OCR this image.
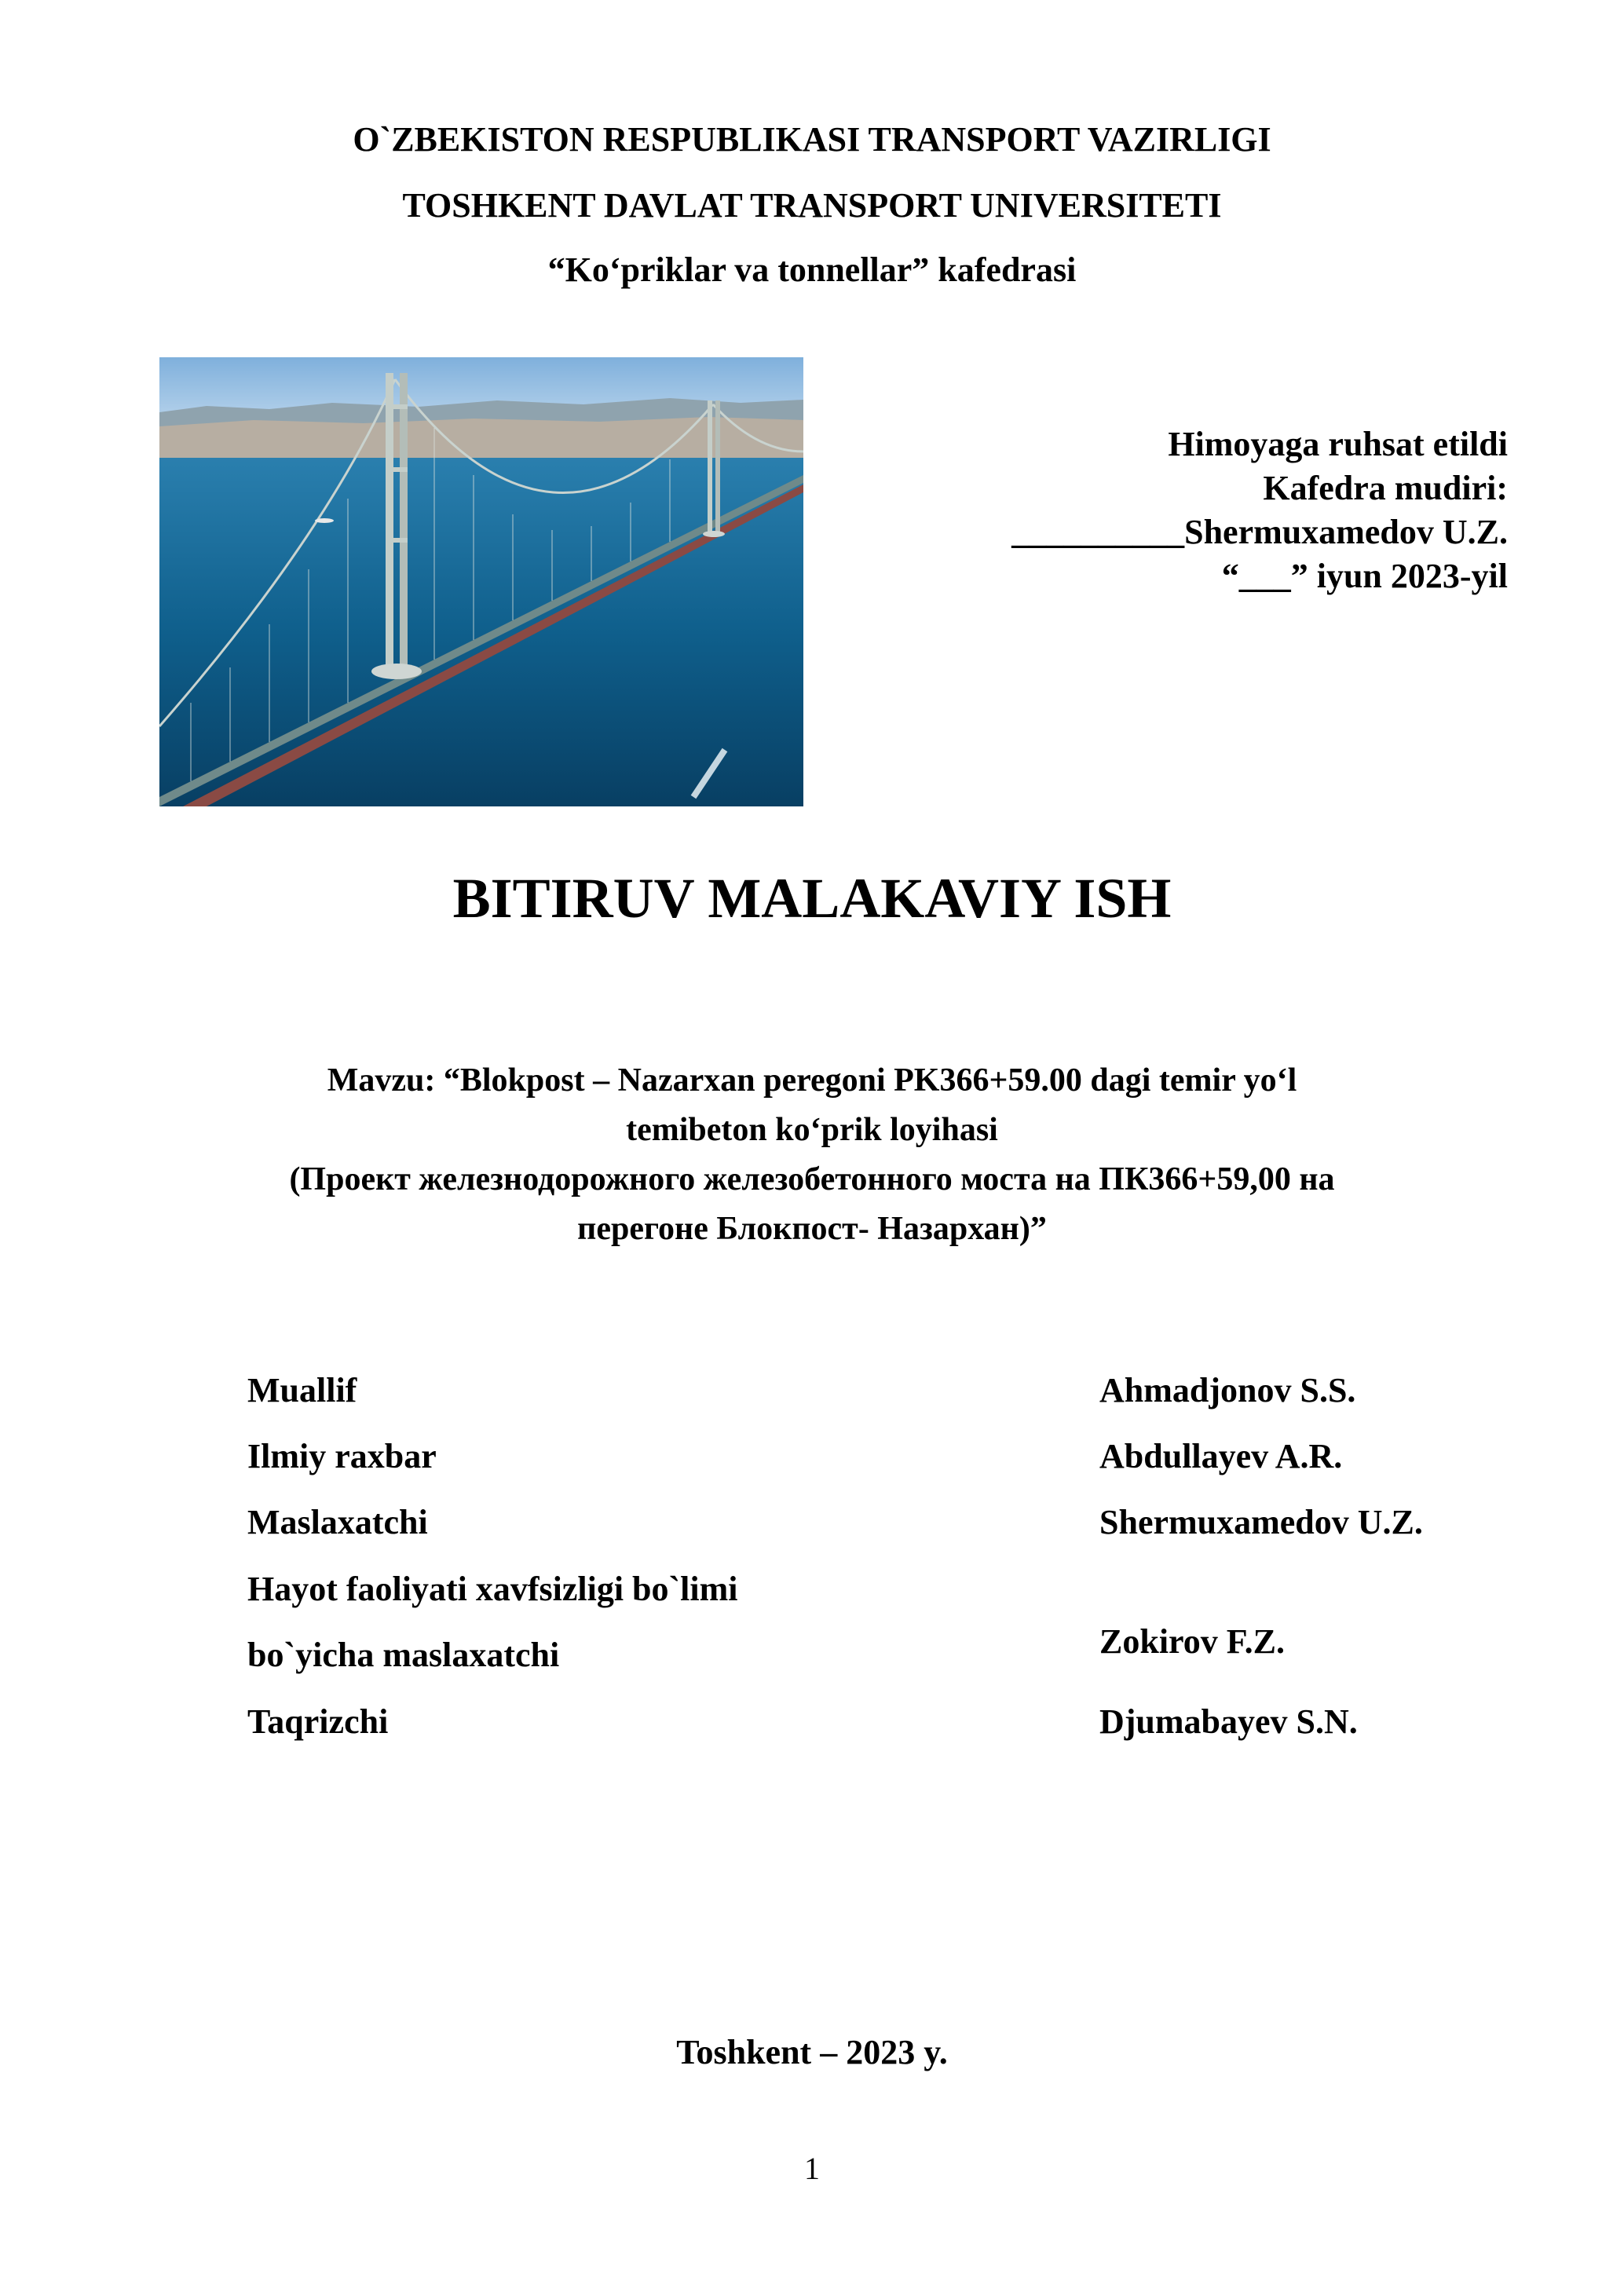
O`ZBEKISTON RESPUBLIKASI TRANSPORT VAZIRLIGI
TOSHKENT DAVLAT TRANSPORT UNIVERSITETI
“Ko‘priklar va tonnellar” kafedrasi
Himoyaga ruhsat etildi
Kafedra mudiri:
__________Shermuxamedov U.Z.
“___” iyun 2023-yil
BITIRUV MALAKAVIY ISH
Mavzu: “Blokpost – Nazarxan peregoni PK366+59.00 dagi temir yo‘l
temibeton ko‘prik loyihasi
(Проект железнодорожного железобетонного моста на ПК366+59,00 на
перегоне Блокпост- Назархан)”
Muallif	Ahmadjonov S.S.
Ilmiy raxbar	Abdullayev A.R.
Maslaxatchi	Shermuxamedov U.Z.
Hayot faoliyati xavfsizligi bo`limi
bo`yicha maslaxatchi	Zokirov F.Z.
Taqrizchi	Djumabayev S.N.
Toshkent – 2023 y.
1
